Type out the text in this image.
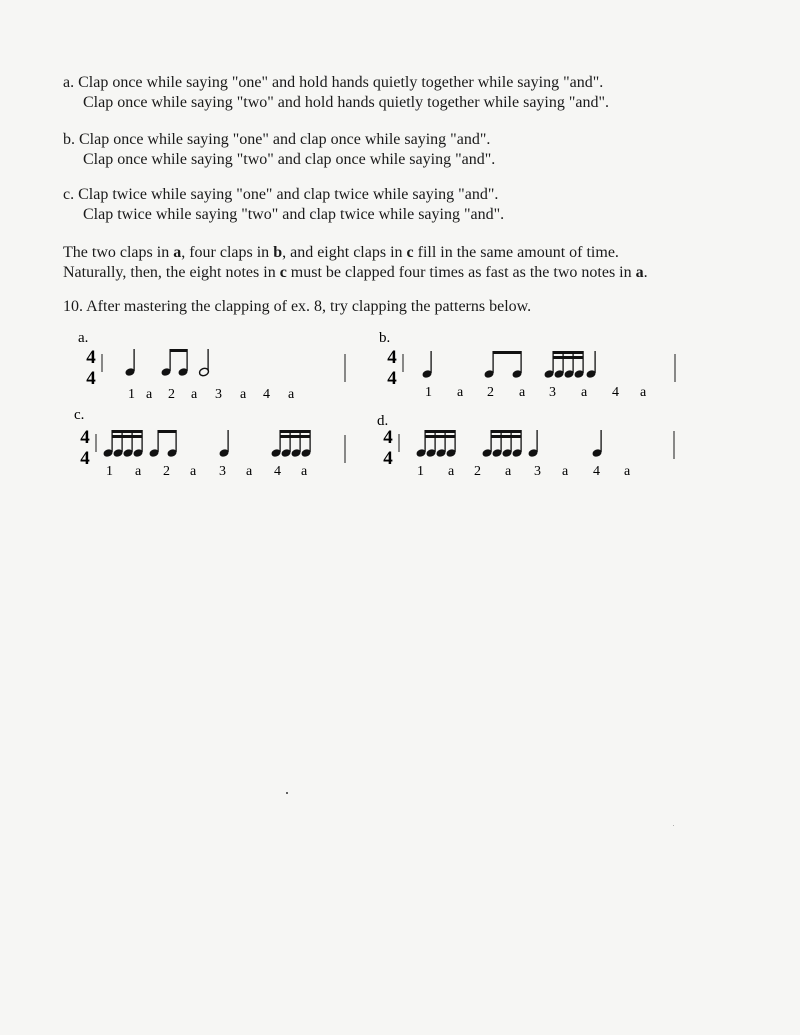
a. Clap once while saying "one" and hold hands quietly together while saying "and".
Clap once while saying "two" and hold hands quietly together while saying "and".
b. Clap once while saying "one" and clap once while saying "and".
Clap once while saying "two" and clap once while saying "and".
c. Clap twice while saying "one" and clap twice while saying "and".
Clap twice while saying "two" and clap twice while saying "and".
The two claps in a, four claps in b, and eight claps in c fill in the same amount of time.
Naturally, then, the eight notes in c must be clapped four times as fast as the two notes in a.
10. After mastering the clapping of ex. 8, try clapping the patterns below.
a.
4
4
1 a 2 a 3 a 4 a
b.
4
4
1 a 2 a 3 a 4 a
c.
4
4
1 a 2 a 3 a 4 a
d.
4
4
1 a 2 a 3 a 4 a
